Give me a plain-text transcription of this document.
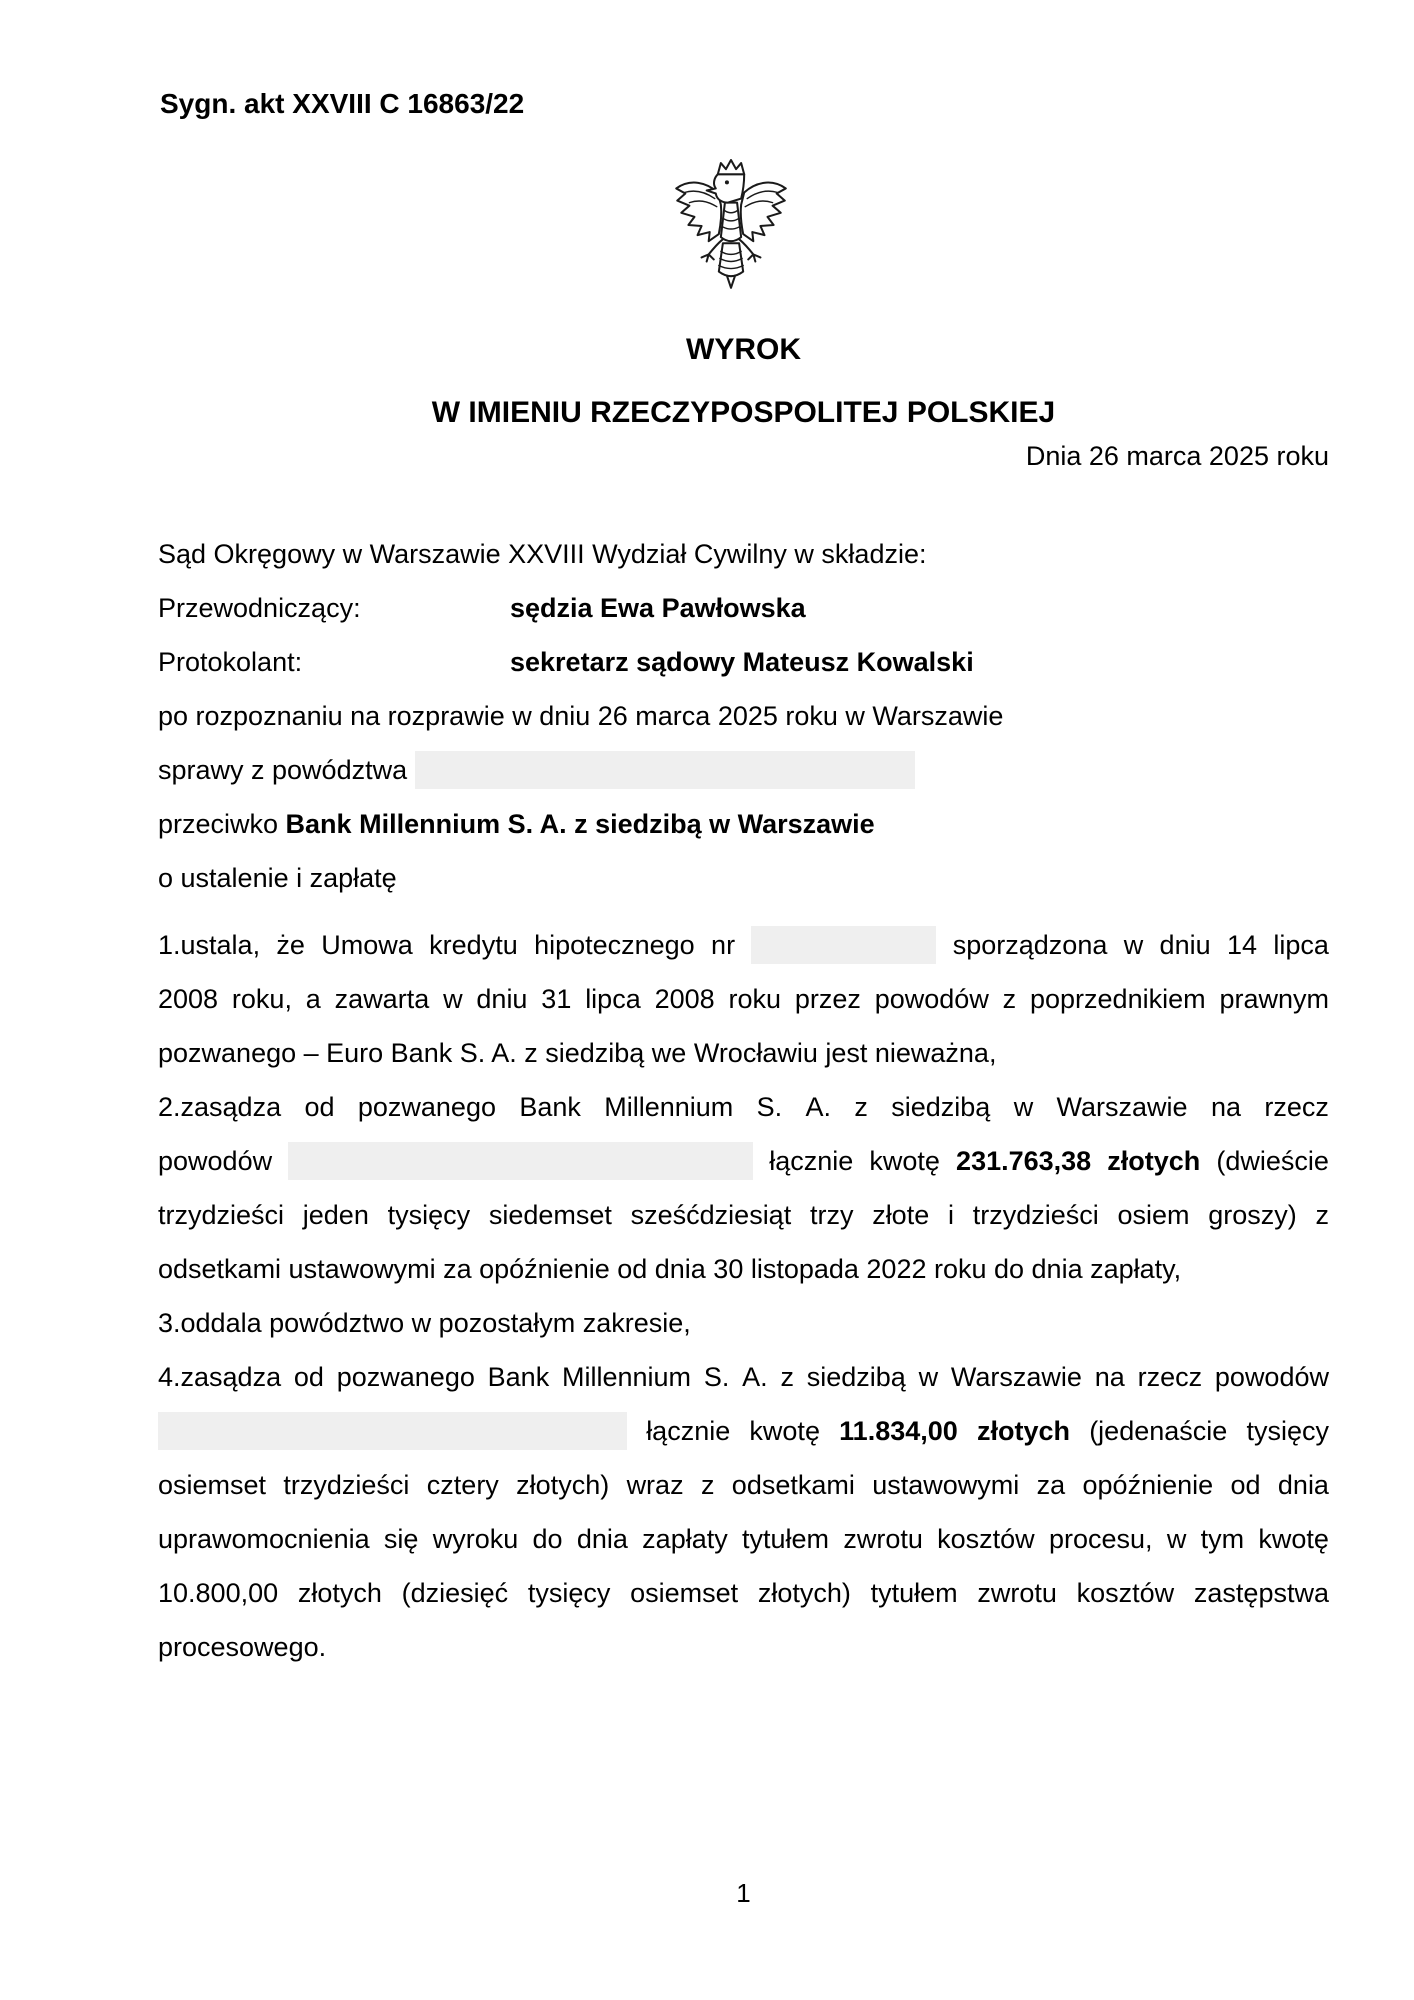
Sygn. akt XXVIII C 16863/22
WYROK
W IMIENIU RZECZYPOSPOLITEJ POLSKIEJ
Dnia 26 marca 2025 roku
Sąd Okręgowy w Warszawie XXVIII Wydział Cywilny w składzie:
Przewodniczący:	sędzia Ewa Pawłowska
Protokolant:	sekretarz sądowy Mateusz Kowalski
po rozpoznaniu na rozprawie w dniu 26 marca 2025 roku w Warszawie
sprawy z powództwa
przeciwko Bank Millennium S. A. z siedzibą w Warszawie
o ustalenie i zapłatę
1.ustala, że Umowa kredytu hipotecznego nr	sporządzona w dniu 14 lipca
2008 roku, a zawarta w dniu 31 lipca 2008 roku przez powodów z poprzednikiem prawnym
pozwanego – Euro Bank S. A. z siedzibą we Wrocławiu jest nieważna,
2.zasądza od pozwanego Bank Millennium S. A. z siedzibą w Warszawie na rzecz
powodów	łącznie kwotę 231.763,38 złotych (dwieście
trzydzieści jeden tysięcy siedemset sześćdziesiąt trzy złote i trzydzieści osiem groszy) z
odsetkami ustawowymi za opóźnienie od dnia 30 listopada 2022 roku do dnia zapłaty,
3.oddala powództwo w pozostałym zakresie,
4.zasądza od pozwanego Bank Millennium S. A. z siedzibą w Warszawie na rzecz powodów
łącznie kwotę 11.834,00 złotych (jedenaście tysięcy
osiemset trzydzieści cztery złotych) wraz z odsetkami ustawowymi za opóźnienie od dnia
uprawomocnienia się wyroku do dnia zapłaty tytułem zwrotu kosztów procesu, w tym kwotę
10.800,00 złotych (dziesięć tysięcy osiemset złotych) tytułem zwrotu kosztów zastępstwa
procesowego.
1
